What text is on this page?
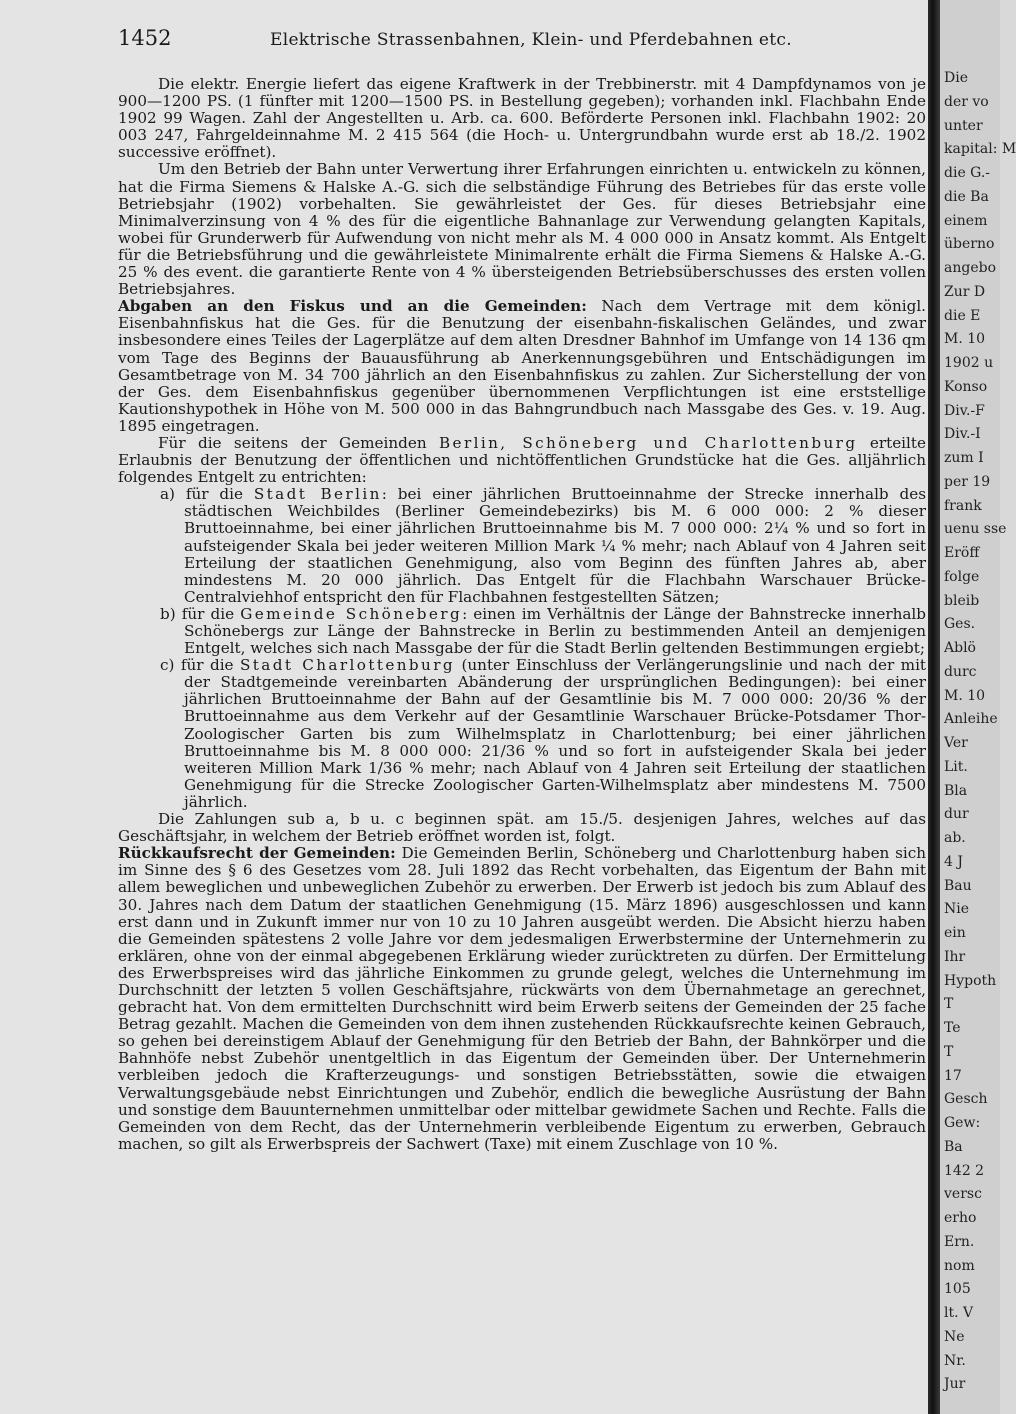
1452	Elektrische Strassenbahnen, Klein- und Pferdebahnen etc.

Die elektr. Energie liefert das eigene Kraftwerk in der Trebbinerstr. mit 4 Dampfdynamos von je 900—1200 PS. (1 fünfter mit 1200—1500 PS. in Bestellung gegeben); vorhanden inkl. Flachbahn Ende 1902 99 Wagen. Zahl der Angestellten u. Arb. ca. 600. Beförderte Personen inkl. Flachbahn 1902: 20 003 247, Fahrgeldeinnahme M. 2 415 564 (die Hoch- u. Untergrundbahn wurde erst ab 18./2. 1902 successive eröffnet).

Um den Betrieb der Bahn unter Verwertung ihrer Erfahrungen einrichten u. entwickeln zu können, hat die Firma Siemens & Halske A.-G. sich die selbständige Führung des Betriebes für das erste volle Betriebsjahr (1902) vorbehalten. Sie gewährleistet der Ges. für dieses Betriebsjahr eine Minimalverzinsung von 4 % des für die eigentliche Bahnanlage zur Verwendung gelangten Kapitals, wobei für Grunderwerb für Aufwendung von nicht mehr als M. 4 000 000 in Ansatz kommt. Als Entgelt für die Betriebsführung und die gewährleistete Minimalrente erhält die Firma Siemens & Halske A.-G. 25 % des event. die garantierte Rente von 4 % übersteigenden Betriebsüberschusses des ersten vollen Betriebsjahres.

Abgaben an den Fiskus und an die Gemeinden: Nach dem Vertrage mit dem königl. Eisenbahnfiskus hat die Ges. für die Benutzung der eisenbahn-fiskalischen Geländes, und zwar insbesondere eines Teiles der Lagerplätze auf dem alten Dresdner Bahnhof im Umfange von 14 136 qm vom Tage des Beginns der Bauausführung ab Anerkennungsgebühren und Entschädigungen im Gesamtbetrage von M. 34 700 jährlich an den Eisenbahnfiskus zu zahlen. Zur Sicherstellung der von der Ges. dem Eisenbahnfiskus gegenüber übernommenen Verpflichtungen ist eine erststellige Kautionshypothek in Höhe von M. 500 000 in das Bahngrundbuch nach Massgabe des Ges. v. 19. Aug. 1895 eingetragen.

Für die seitens der Gemeinden Berlin, Schöneberg und Charlottenburg erteilte Erlaubnis der Benutzung der öffentlichen und nichtöffentlichen Grundstücke hat die Ges. alljährlich folgendes Entgelt zu entrichten:

a) für die Stadt Berlin: bei einer jährlichen Bruttoeinnahme der Strecke innerhalb des städtischen Weichbildes (Berliner Gemeindebezirks) bis M. 6 000 000: 2 % dieser Bruttoeinnahme, bei einer jährlichen Bruttoeinnahme bis M. 7 000 000: 2¼ % und so fort in aufsteigender Skala bei jeder weiteren Million Mark ¼ % mehr; nach Ablauf von 4 Jahren seit Erteilung der staatlichen Genehmigung, also vom Beginn des fünften Jahres ab, aber mindestens M. 20 000 jährlich. Das Entgelt für die Flachbahn Warschauer Brücke-Centralviehhof entspricht den für Flachbahnen festgestellten Sätzen;

b) für die Gemeinde Schöneberg: einen im Verhältnis der Länge der Bahnstrecke innerhalb Schönebergs zur Länge der Bahnstrecke in Berlin zu bestimmenden Anteil an demjenigen Entgelt, welches sich nach Massgabe der für die Stadt Berlin geltenden Bestimmungen ergiebt;

c) für die Stadt Charlottenburg (unter Einschluss der Verlängerungslinie und nach der mit der Stadtgemeinde vereinbarten Abänderung der ursprünglichen Bedingungen): bei einer jährlichen Bruttoeinnahme der Bahn auf der Gesamtlinie bis M. 7 000 000: 20/36 % der Bruttoeinnahme aus dem Verkehr auf der Gesamtlinie Warschauer Brücke-Potsdamer Thor-Zoologischer Garten bis zum Wilhelmsplatz in Charlottenburg; bei einer jährlichen Bruttoeinnahme bis M. 8 000 000: 21/36 % und so fort in aufsteigender Skala bei jeder weiteren Million Mark 1/36 % mehr; nach Ablauf von 4 Jahren seit Erteilung der staatlichen Genehmigung für die Strecke Zoologischer Garten-Wilhelmsplatz aber mindestens M. 7500 jährlich.

Die Zahlungen sub a, b u. c beginnen spät. am 15./5. desjenigen Jahres, welches auf das Geschäftsjahr, in welchem der Betrieb eröffnet worden ist, folgt.

Rückkaufsrecht der Gemeinden: Die Gemeinden Berlin, Schöneberg und Charlottenburg haben sich im Sinne des § 6 des Gesetzes vom 28. Juli 1892 das Recht vorbehalten, das Eigentum der Bahn mit allem beweglichen und unbeweglichen Zubehör zu erwerben. Der Erwerb ist jedoch bis zum Ablauf des 30. Jahres nach dem Datum der staatlichen Genehmigung (15. März 1896) ausgeschlossen und kann erst dann und in Zukunft immer nur von 10 zu 10 Jahren ausgeübt werden. Die Absicht hierzu haben die Gemeinden spätestens 2 volle Jahre vor dem jedesmaligen Erwerbstermine der Unternehmerin zu erklären, ohne von der einmal abgegebenen Erklärung wieder zurücktreten zu dürfen. Der Ermittelung des Erwerbspreises wird das jährliche Einkommen zu grunde gelegt, welches die Unternehmung im Durchschnitt der letzten 5 vollen Geschäftsjahre, rückwärts von dem Übernahmetage an gerechnet, gebracht hat. Von dem ermittelten Durchschnitt wird beim Erwerb seitens der Gemeinden der 25 fache Betrag gezahlt. Machen die Gemeinden von dem ihnen zustehenden Rückkaufsrechte keinen Gebrauch, so gehen bei dereinstigem Ablauf der Genehmigung für den Betrieb der Bahn, der Bahnkörper und die Bahnhöfe nebst Zubehör unentgeltlich in das Eigentum der Gemeinden über. Der Unternehmerin verbleiben jedoch die Krafterzeugungs- und sonstigen Betriebsstätten, sowie die etwaigen Verwaltungsgebäude nebst Einrichtungen und Zubehör, endlich die bewegliche Ausrüstung der Bahn und sonstige dem Bauunternehmen unmittelbar oder mittelbar gewidmete Sachen und Rechte. Falls die Gemeinden von dem Recht, das der Unternehmerin verbleibende Eigentum zu erwerben, Gebrauch machen, so gilt als Erwerbspreis der Sachwert (Taxe) mit einem Zuschlage von 10 %.

Die
der vo
unter
kapital: M
die G.-
die Ba
einem
überno
angebo
Zur D
die E
M. 10
1902 u
Konso
Div.-F
Div.-I
zum I
per 19
frank
uenu sse
Eröff
folge
bleib
Ges.
Ablö
durc
M. 10
Anleihe
Ver
Lit.
Bla
dur
ab.
4 J
Bau
Nie
ein
Ihr
Hypoth
T
Te
T
17
Gesch
Gew:
Ba
142 2
versc
erho
Ern.
nom
105
lt. V
Ne
Nr.
Jur
